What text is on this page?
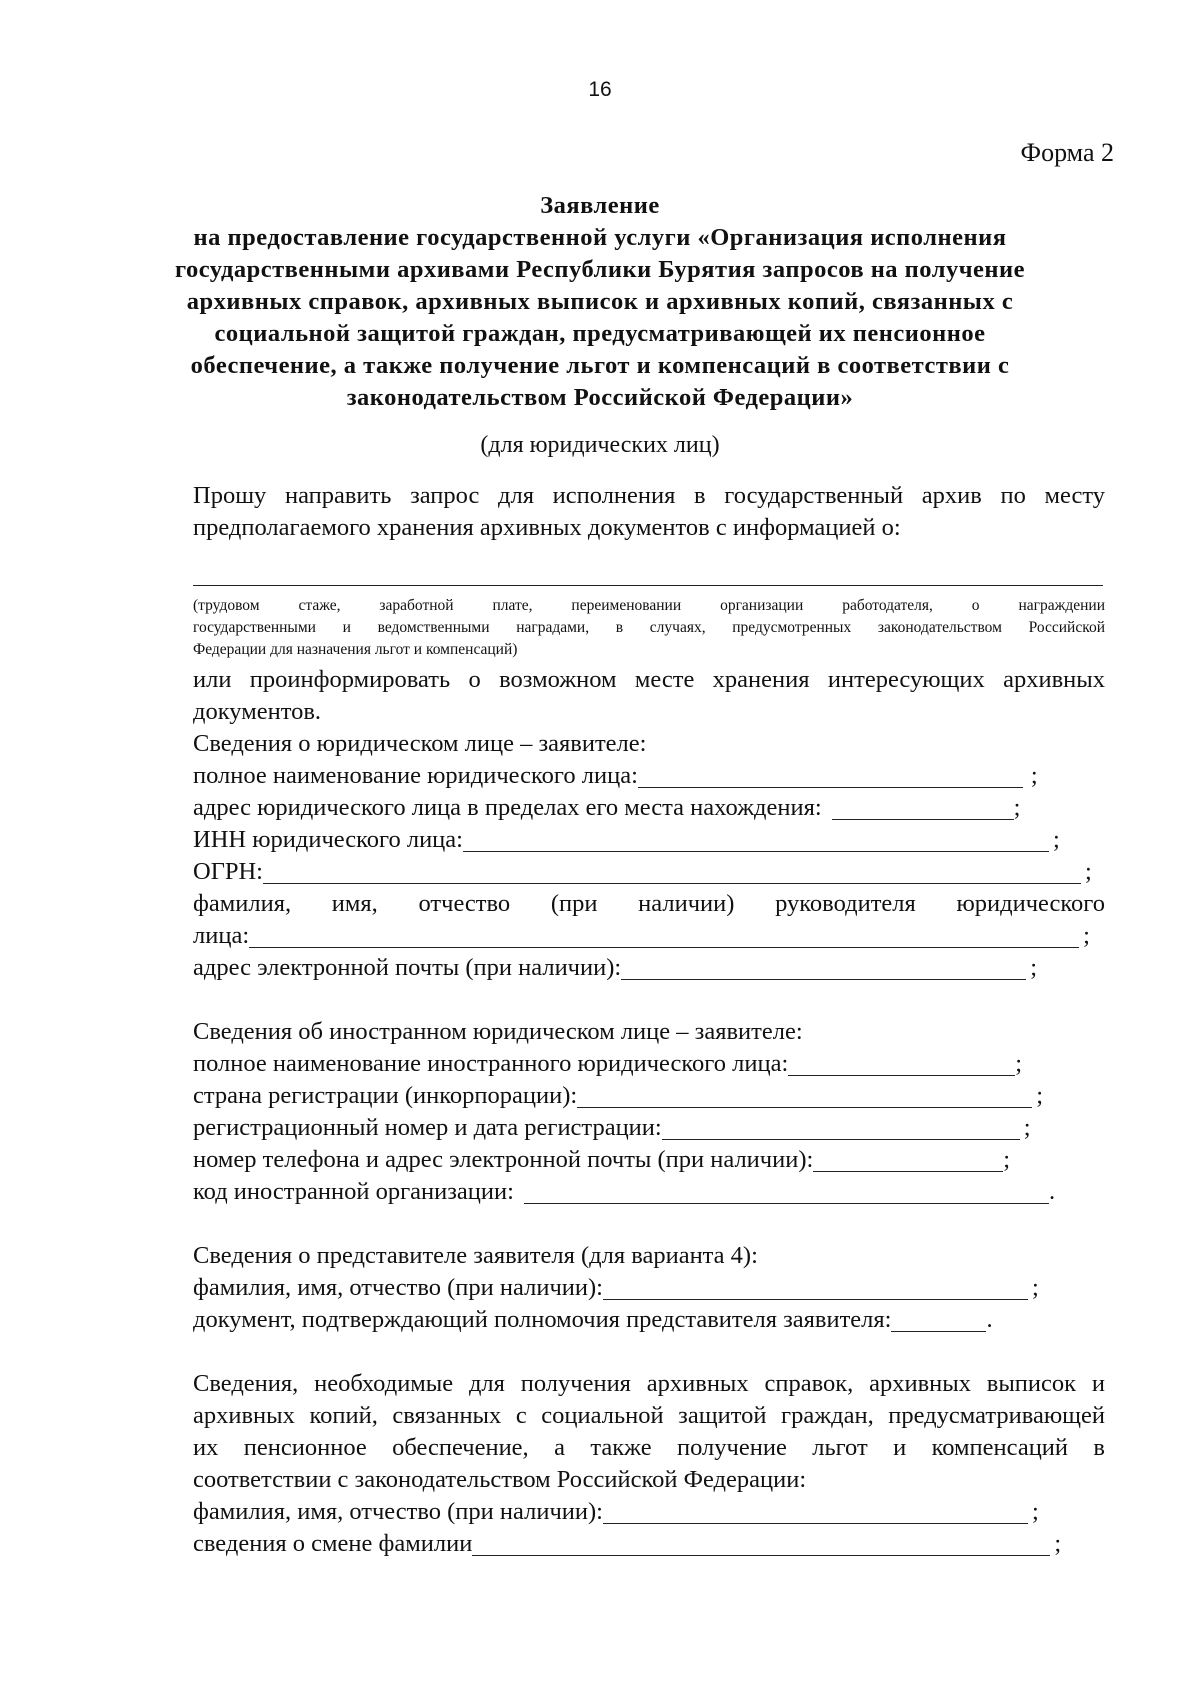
16
Форма 2
Заявление
на предоставление государственной услуги «Организация исполнения
государственными архивами Республики Бурятия запросов на получение
архивных справок, архивных выписок и архивных копий, связанных с
социальной защитой граждан, предусматривающей их пенсионное
обеспечение, а также получение льгот и компенсаций в соответствии с
законодательством Российской Федерации»
(для юридических лиц)
Прошу направить запрос для исполнения в государственный архив по месту
предполагаемого хранения архивных документов с информацией о:
(трудовом стаже, заработной плате, переименовании организации работодателя, о награждении
государственными и ведомственными наградами, в случаях, предусмотренных законодательством Российской
Федерации для назначения льгот и компенсаций)
или проинформировать о возможном месте хранения интересующих архивных
документов.
Сведения о юридическом лице – заявителе:
полное наименование юридического лица:	;
адрес юридического лица в пределах его места нахождения:	;
ИНН юридического лица:	;
ОГРН:	;
фамилия, имя, отчество (при наличии) руководителя юридического
лица:	;
адрес электронной почты (при наличии):	;
Сведения об иностранном юридическом лице – заявителе:
полное наименование иностранного юридического лица:	;
страна регистрации (инкорпорации):	;
регистрационный номер и дата регистрации:	;
номер телефона и адрес электронной почты (при наличии):	;
код иностранной организации:	.
Сведения о представителе заявителя (для варианта 4):
фамилия, имя, отчество (при наличии):	;
документ, подтверждающий полномочия представителя заявителя:	.
Сведения, необходимые для получения архивных справок, архивных выписок и
архивных копий, связанных с социальной защитой граждан, предусматривающей
их пенсионное обеспечение, а также получение льгот и компенсаций в
соответствии с законодательством Российской Федерации:
фамилия, имя, отчество (при наличии):	;
сведения о смене фамилии	;
